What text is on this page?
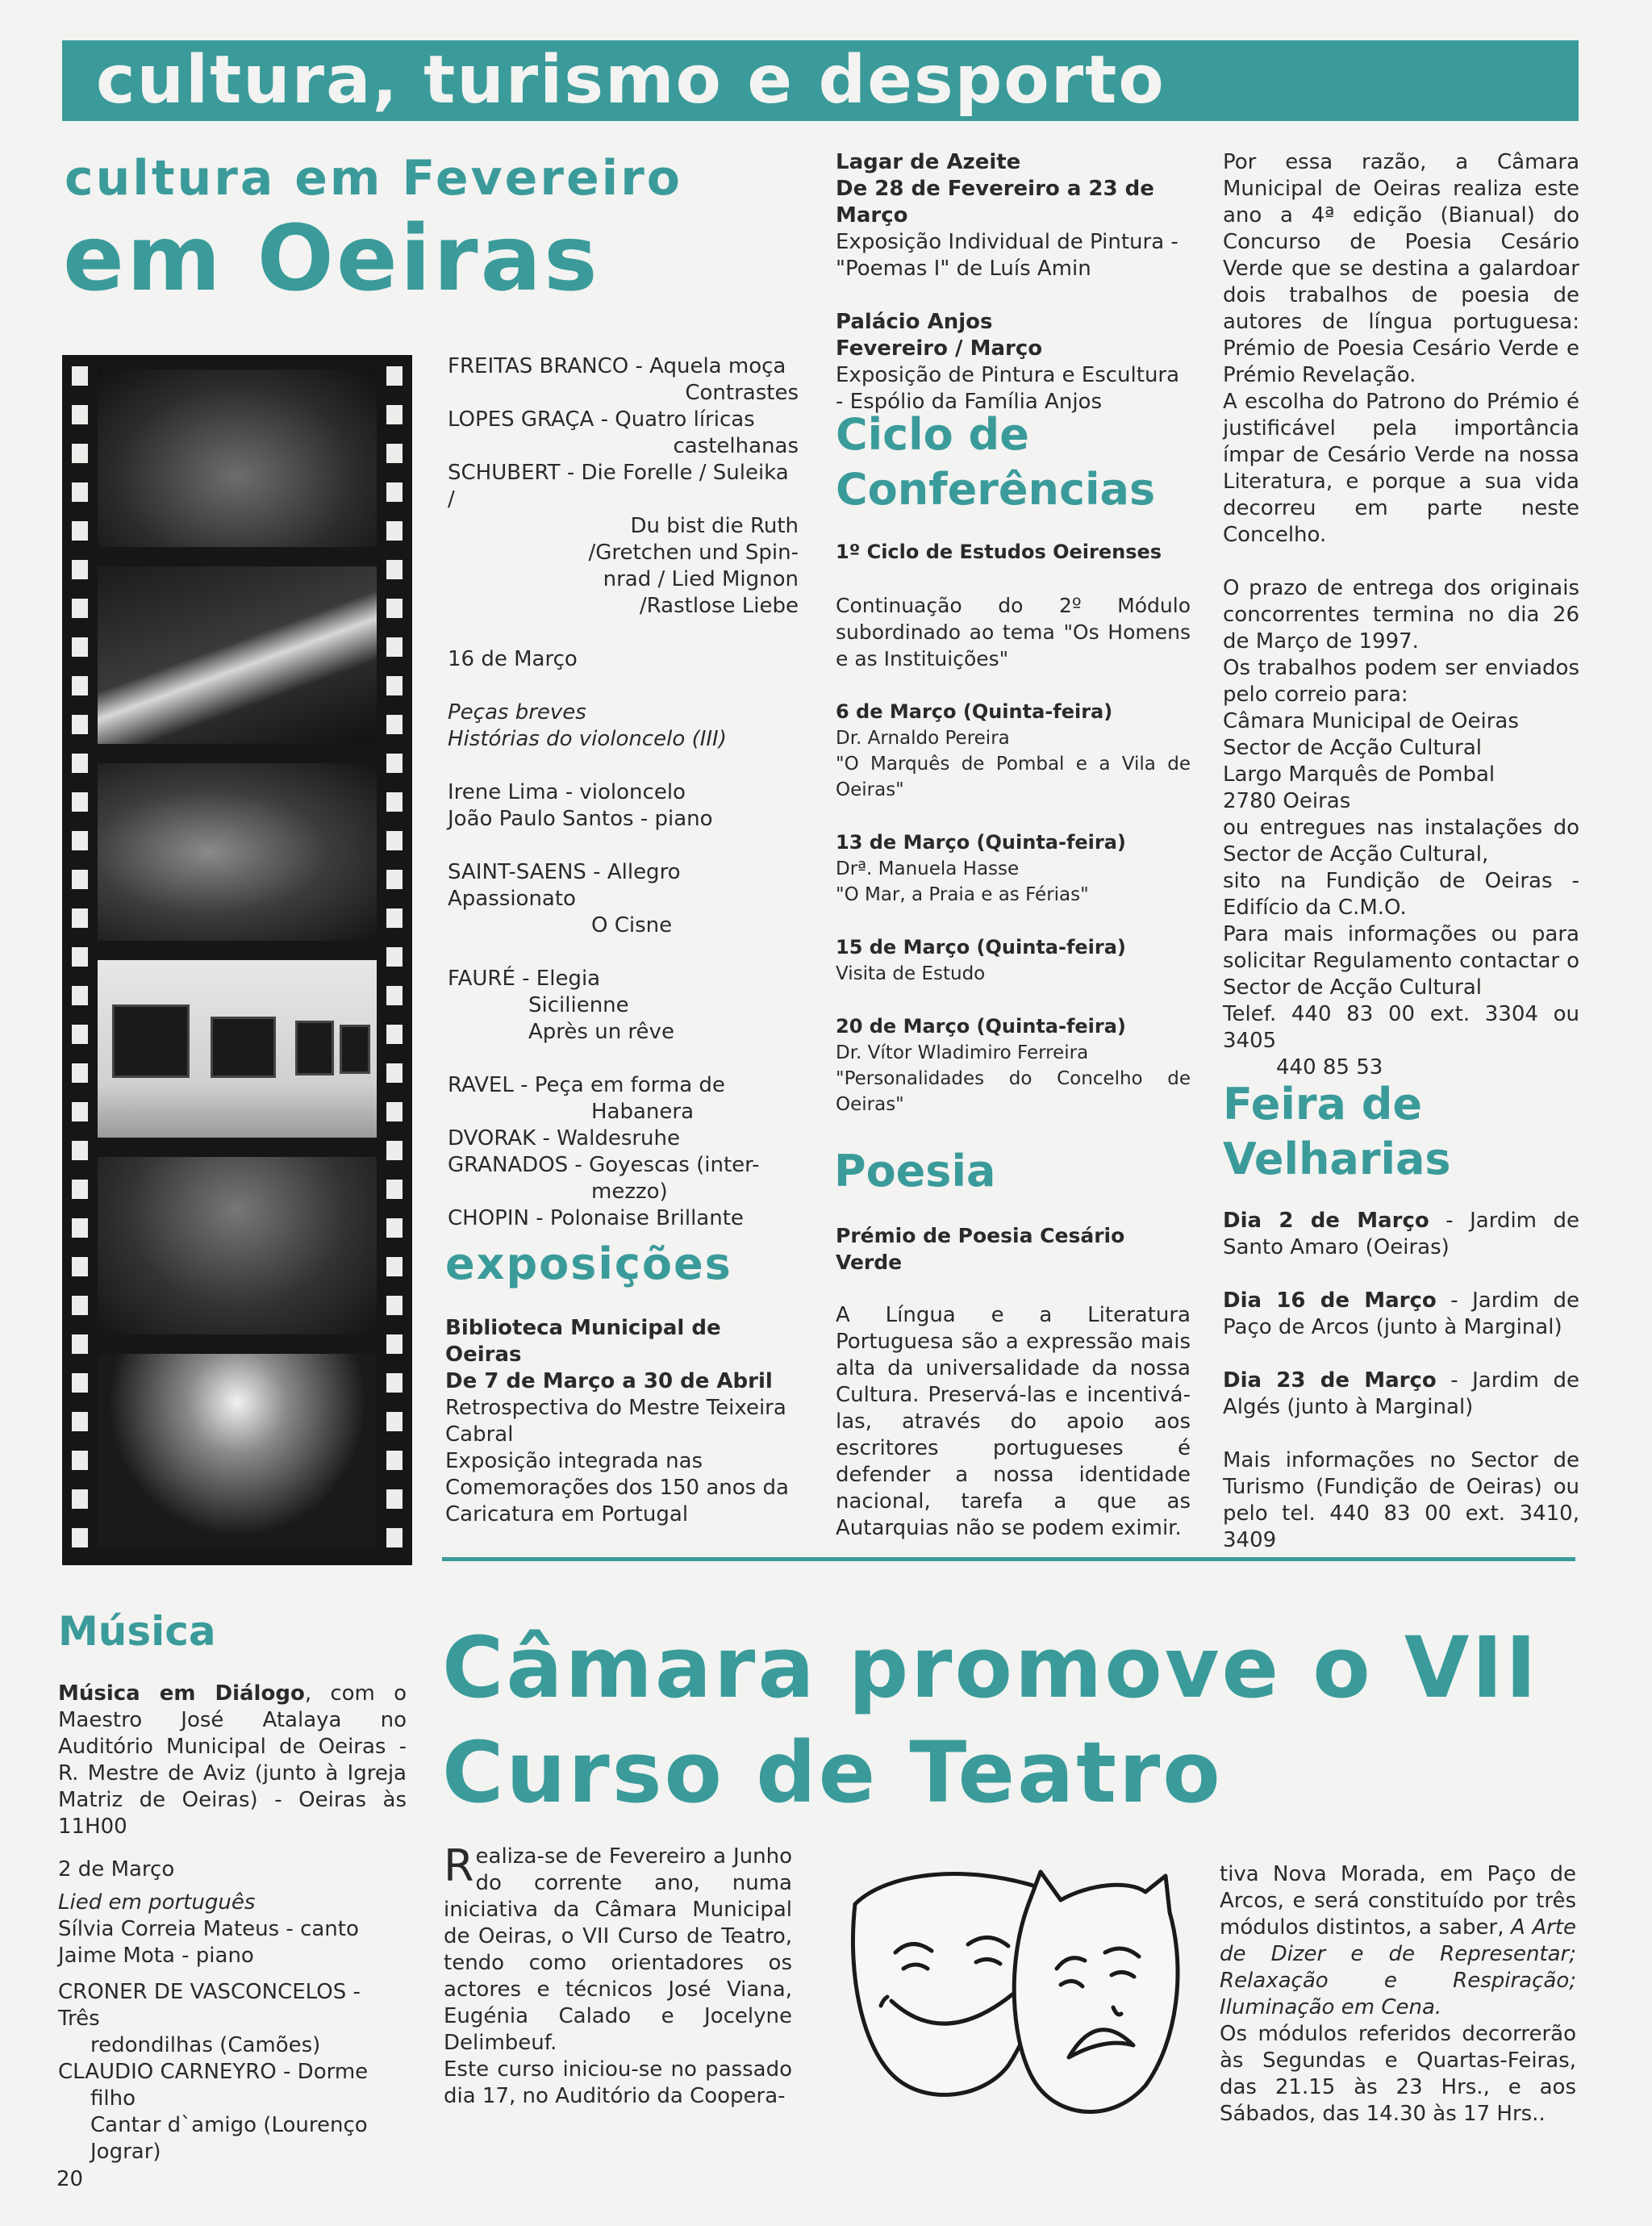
cultura, turismo e desporto
cultura em Fevereiro
em Oeiras

FREITAS BRANCO - Aquela moça

Contrastes

LOPES GRAÇA - Quatro líricas

castelhanas

SCHUBERT - Die Forelle / Suleika /

Du bist die Ruth

/Gretchen und Spin-

nrad / Lied Mignon

/Rastlose Liebe

16 de Março

Peças breves

Histórias do violoncelo (III)

Irene Lima - violoncelo

João Paulo Santos - piano

SAINT-SAENS - Allegro Apassionato

O Cisne

FAURÉ - Elegia

Sicilienne

Après un rêve

RAVEL - Peça em forma de

Habanera

DVORAK - Waldesruhe

GRANADOS - Goyescas (inter-

mezzo)

CHOPIN - Polonaise Brillante

exposições

Biblioteca Municipal de Oeiras

De 7 de Março a 30 de Abril

Retrospectiva do Mestre Teixeira Cabral

Exposição integrada nas Comemorações dos 150 anos da Caricatura em Portugal

Lagar de Azeite

De 28 de Fevereiro a 23 de Março

Exposição Individual de Pintura - "Poemas I" de Luís Amin

Palácio Anjos

Fevereiro / Março

Exposição de Pintura e Escultura - Espólio da Família Anjos

Ciclo de
Conferências

1º Ciclo de Estudos Oeirenses

Continuação do 2º Módulo subordinado ao tema "Os Homens e as Instituições"

6 de Março (Quinta-feira)

Dr. Arnaldo Pereira

"O Marquês de Pombal e a Vila de Oeiras"

13 de Março (Quinta-feira)

Drª. Manuela Hasse

"O Mar, a Praia e as Férias"

15 de Março (Quinta-feira)

Visita de Estudo

20 de Março (Quinta-feira)

Dr. Vítor Wladimiro Ferreira

"Personalidades do Concelho de Oeiras"

Poesia

Prémio de Poesia Cesário Verde

A Língua e a Literatura Portuguesa são a expressão mais alta da universalidade da nossa Cultura. Preservá-las e incentivá-las, através do apoio aos escritores portugueses é defender a nossa identidade nacional, tarefa a que as Autarquias não se podem eximir.

Por essa razão, a Câmara Municipal de Oeiras realiza este ano a 4ª edição (Bianual) do Concurso de Poesia Cesário Verde que se destina a galardoar dois trabalhos de poesia de autores de língua portuguesa: Prémio de Poesia Cesário Verde e Prémio Revelação.

A escolha do Patrono do Prémio é justificável pela importância ímpar de Cesário Verde na nossa Literatura, e porque a sua vida decorreu em parte neste Concelho.

O prazo de entrega dos originais concorrentes termina no dia 26 de Março de 1997.

Os trabalhos podem ser enviados pelo correio para:

Câmara Municipal de Oeiras

Sector de Acção Cultural

Largo Marquês de Pombal

2780 Oeiras

ou entregues nas instalações do Sector de Acção Cultural,

sito na Fundição de Oeiras - Edifício da C.M.O.

Para mais informações ou para solicitar Regulamento contactar o Sector de Acção Cultural

Telef. 440 83 00 ext. 3304 ou 3405

440 85 53

Feira de
Velharias

Dia 2 de Março - Jardim de Santo Amaro (Oeiras)

Dia 16 de Março - Jardim de Paço de Arcos (junto à Marginal)

Dia 23 de Março - Jardim de Algés (junto à Marginal)

Mais informações no Sector de Turismo (Fundição de Oeiras) ou pelo tel. 440 83 00 ext. 3410, 3409

Música

Música em Diálogo, com o Maestro José Atalaya no Auditório Municipal de Oeiras - R. Mestre de Aviz (junto à Igreja Matriz de Oeiras) - Oeiras às 11H00

2 de Março

Lied em português

Sílvia Correia Mateus - canto

Jaime Mota - piano

CRONER DE VASCONCELOS - Três

redondilhas (Camões)

CLAUDIO CARNEYRO - Dorme

filho

Cantar d`amigo (Lourenço

Jograr)

Câmara promove o VII
Curso de Teatro

Realiza-se de Fevereiro a Junho do corrente ano, numa iniciativa da Câmara Municipal de Oeiras, o VII Curso de Teatro, tendo como orientadores os actores e técnicos José Viana, Eugénia Calado e Jocelyne Delimbeuf.

Este curso iniciou-se no passado dia 17, no Auditório da Coopera-

tiva Nova Morada, em Paço de Arcos, e será constituído por três módulos distintos, a saber, A Arte de Dizer e de Representar; Relaxação e Respiração; Iluminação em Cena.

Os módulos referidos decorrerão às Segundas e Quartas-Feiras, das 21.15 às 23 Hrs., e aos Sábados, das 14.30 às 17 Hrs..

20
